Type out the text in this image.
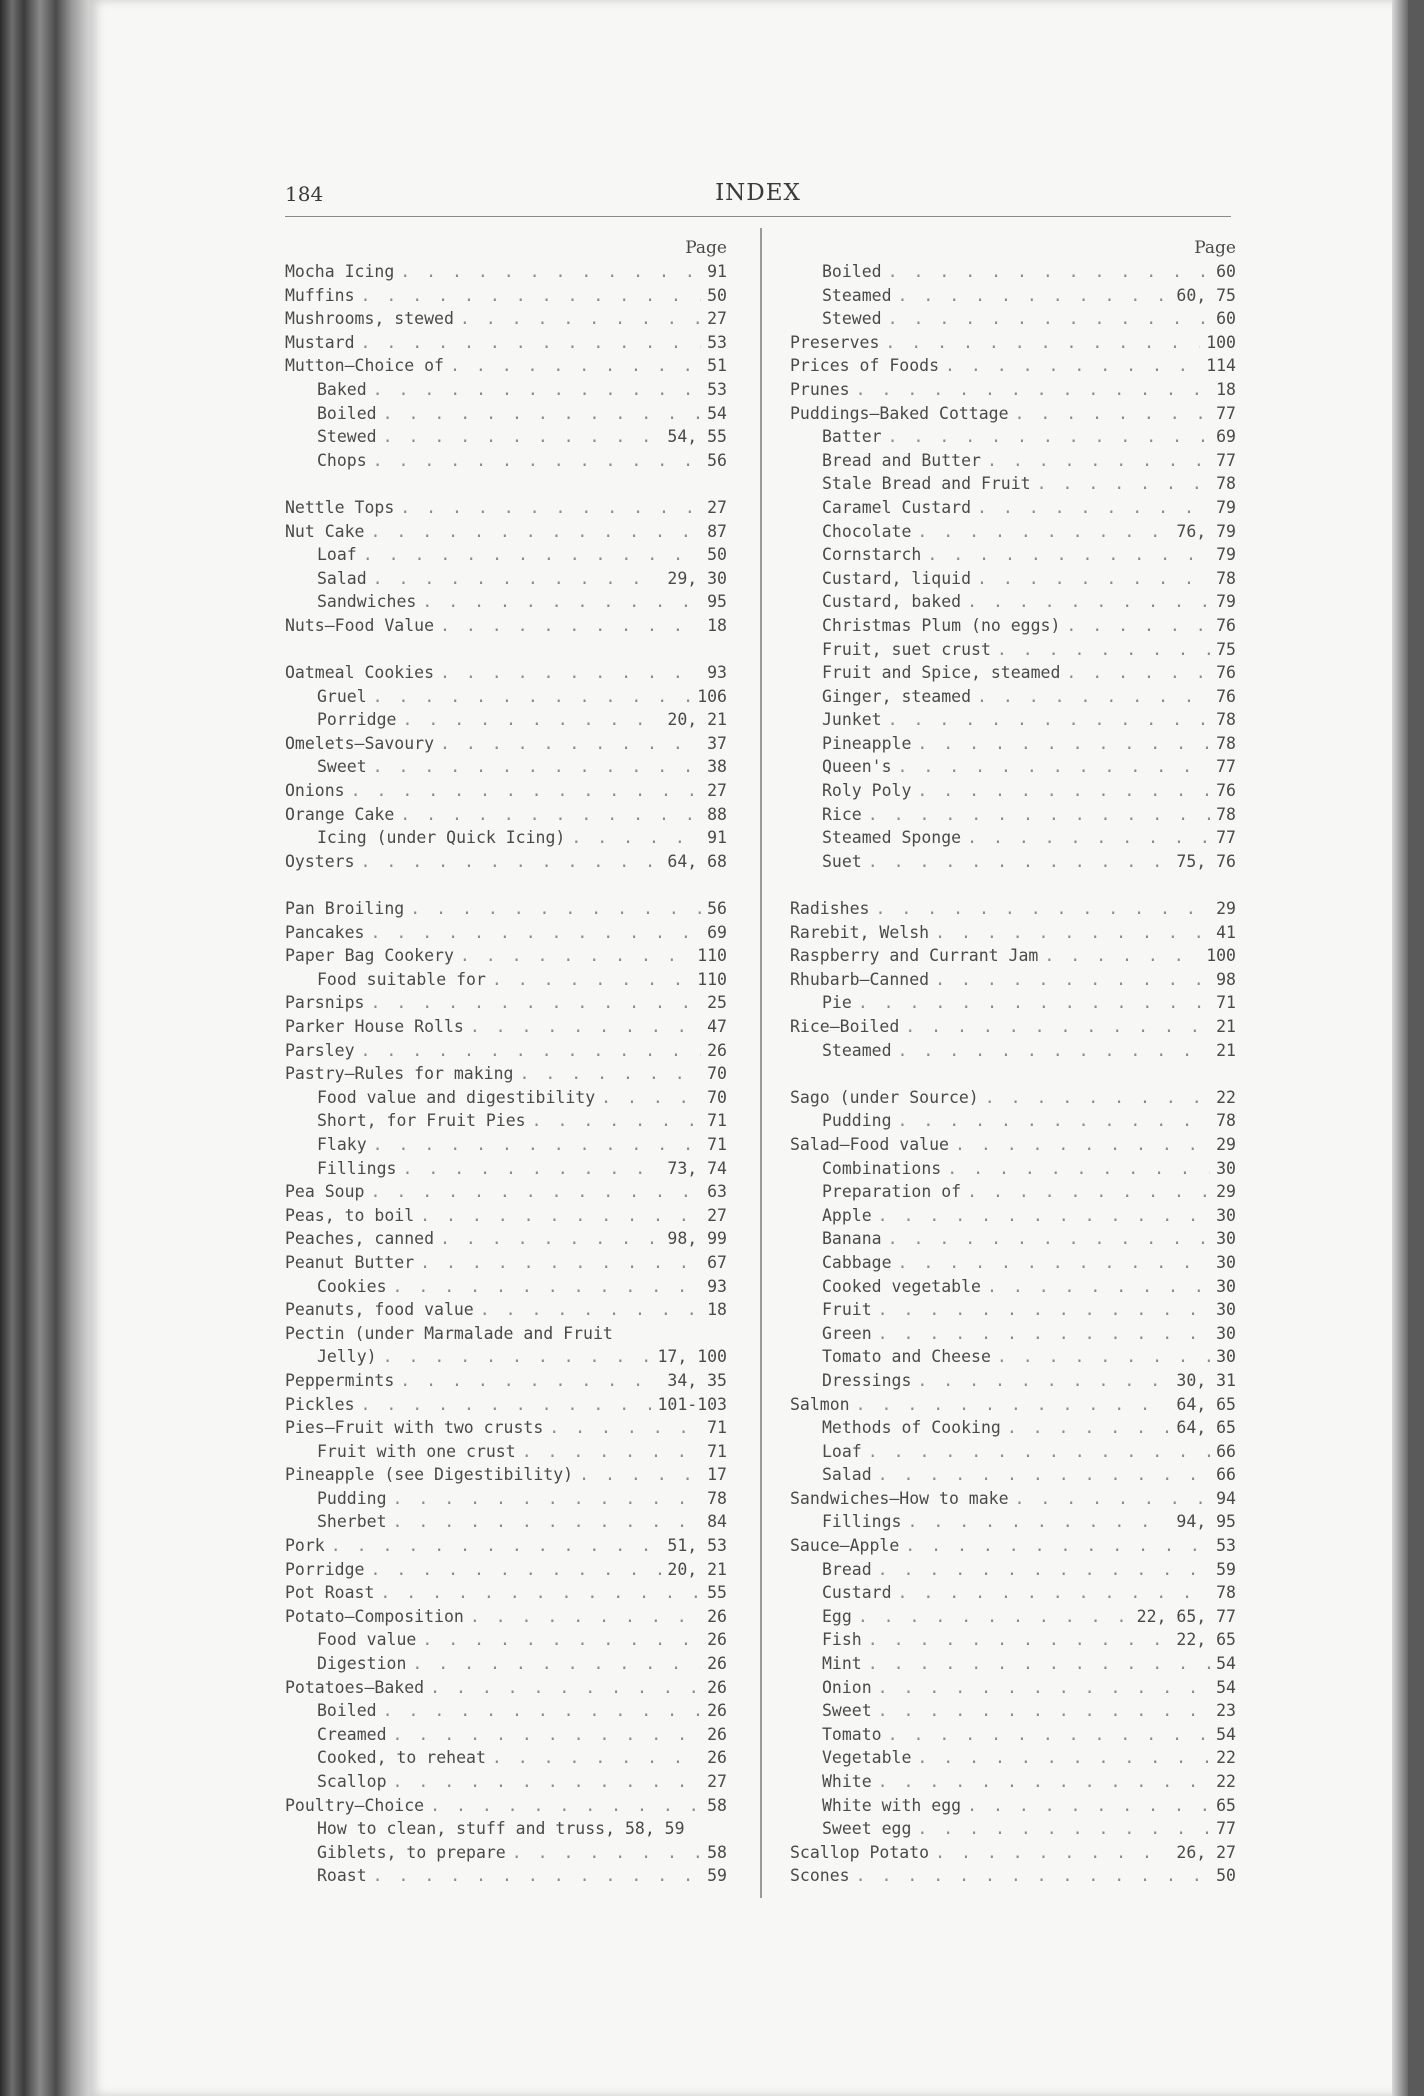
184	INDEX
Page
Mocha Icing . . .	91
Muffins . . .	50
Mushrooms, stewed . . .	27
Mustard . . .	53
Mutton—Choice of . . .	51
Baked . . .	53
Boiled . . .	54
Stewed . . .	54, 55
Chops . . .	56
Nettle Tops . . .	27
Nut Cake . . .	87
Loaf . . .	50
Salad . . .	29, 30
Sandwiches . . .	95
Nuts—Food Value . . .	18
Oatmeal Cookies . . .	93
Gruel . . .	106
Porridge . . .	20, 21
Omelets—Savoury . . .	37
Sweet . . .	38
Onions . . .	27
Orange Cake . . .	88
Icing (under Quick Icing) . . .	91
Oysters . . .	64, 68
Pan Broiling . . .	56
Pancakes . . .	69
Paper Bag Cookery . . .	110
Food suitable for . . .	110
Parsnips . . .	25
Parker House Rolls . . .	47
Parsley . . .	26
Pastry—Rules for making . . .	70
Food value and digestibility . . .	70
Short, for Fruit Pies . . .	71
Flaky . . .	71
Fillings . . .	73, 74
Pea Soup . . .	63
Peas, to boil . . .	27
Peaches, canned . . .	98, 99
Peanut Butter . . .	67
Cookies . . .	93
Peanuts, food value . . .	18
Pectin (under Marmalade and Fruit
Jelly) . . .	17, 100
Peppermints . . .	34, 35
Pickles . . .	101-103
Pies—Fruit with two crusts . . .	71
Fruit with one crust . . .	71
Pineapple (see Digestibility) . . .	17
Pudding . . .	78
Sherbet . . .	84
Pork . . .	51, 53
Porridge . . .	20, 21
Pot Roast . . .	55
Potato—Composition . . .	26
Food value . . .	26
Digestion . . .	26
Potatoes—Baked . . .	26
Boiled . . .	26
Creamed . . .	26
Cooked, to reheat . . .	26
Scallop . . .	27
Poultry—Choice . . .	58
How to clean, stuff and truss, 58, 59
Giblets, to prepare . . .	58
Roast . . .	59
Page
Boiled . . .	60
Steamed . . .	60, 75
Stewed . . .	60
Preserves . . .	100
Prices of Foods . . .	114
Prunes . . .	18
Puddings—Baked Cottage . . .	77
Batter . . .	69
Bread and Butter . . .	77
Stale Bread and Fruit . . .	78
Caramel Custard . . .	79
Chocolate . . .	76, 79
Cornstarch . . .	79
Custard, liquid . . .	78
Custard, baked . . .	79
Christmas Plum (no eggs) . . .	76
Fruit, suet crust . . .	75
Fruit and Spice, steamed . . .	76
Ginger, steamed . . .	76
Junket . . .	78
Pineapple . . .	78
Queen's . . .	77
Roly Poly . . .	76
Rice . . .	78
Steamed Sponge . . .	77
Suet . . .	75, 76
Radishes . . .	29
Rarebit, Welsh . . .	41
Raspberry and Currant Jam . . .	100
Rhubarb—Canned . . .	98
Pie . . .	71
Rice—Boiled . . .	21
Steamed . . .	21
Sago (under Source) . . .	22
Pudding . . .	78
Salad—Food value . . .	29
Combinations . . .	30
Preparation of . . .	29
Apple . . .	30
Banana . . .	30
Cabbage . . .	30
Cooked vegetable . . .	30
Fruit . . .	30
Green . . .	30
Tomato and Cheese . . .	30
Dressings . . .	30, 31
Salmon . . .	64, 65
Methods of Cooking . . .	64, 65
Loaf . . .	66
Salad . . .	66
Sandwiches—How to make . . .	94
Fillings . . .	94, 95
Sauce—Apple . . .	53
Bread . . .	59
Custard . . .	78
Egg . . .	22, 65, 77
Fish . . .	22, 65
Mint . . .	54
Onion . . .	54
Sweet . . .	23
Tomato . . .	54
Vegetable . . .	22
White . . .	22
White with egg . . .	65
Sweet egg . . .	77
Scallop Potato . . .	26, 27
Scones . . .	50
